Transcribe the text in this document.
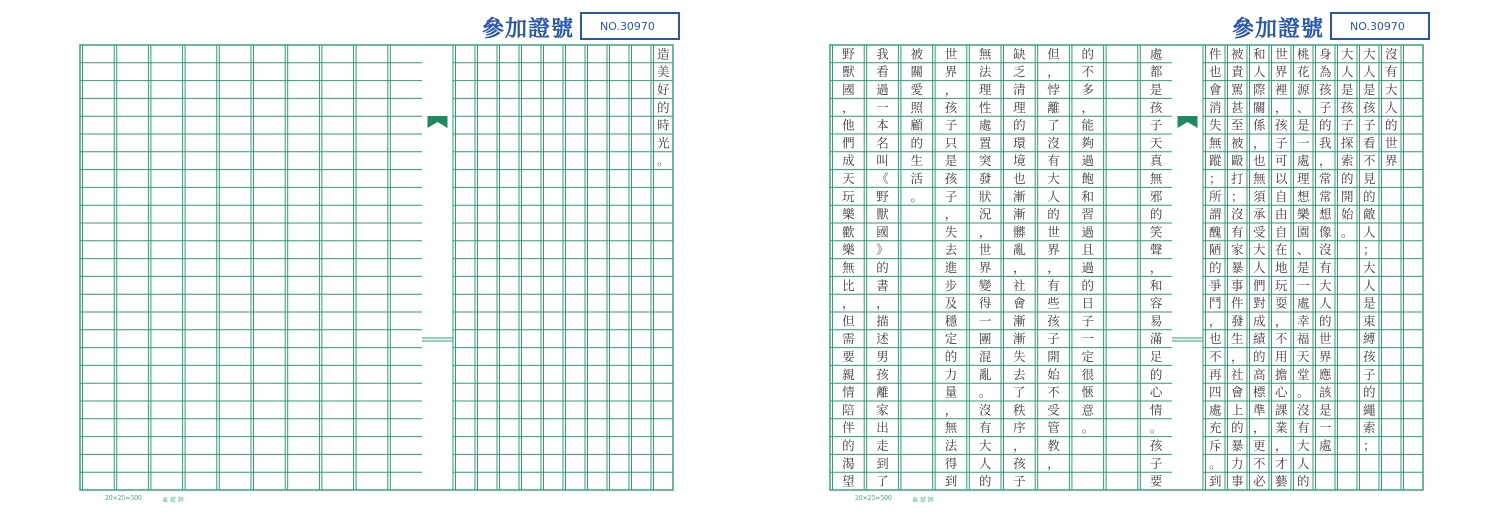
參加證號	NO.30970
造
美
好
的
時
光
。
20×25=500	東 璟 牌
參加證號	NO.30970
沒
有
大
人
的
世
界
大
人
是
孩
子
看
不
見
的
敵
人
；
大
人
是
束
縛
孩
子
的
繩
索
；
大
人
是
孩
子
探
索
的
開
始
。
身
為
孩
子
的
我
，
常
常
想
像
沒
有
大
人
的
世
界
應
該
是
一
處
桃
花
源
、
是
一
處
理
想
樂
園
、
是
一
處
幸
福
天
堂
。
沒
有
大
人
的
世
界
裡
，
孩
子
可
以
自
由
自
在
地
玩
耍
，
不
用
擔
心
課
業
，
才
藝
和
人
際
關
係
，
也
無
須
承
受
大
人
們
對
成
績
的
高
標
準
，
更
不
必
被
責
罵
甚
至
被
毆
打
；
沒
有
家
暴
事
件
發
生
，
社
會
上
的
暴
力
事
件
也
會
消
失
無
蹤
；
所
謂
醜
陋
的
爭
鬥
，
也
不
再
四
處
充
斥
。
到
處
都
是
孩
子
天
真
無
邪
的
笑
聲
，
和
容
易
滿
足
的
心
情
。
孩
子
要
的
不
多
，
能
夠
過
飽
和
習
過
且
過
的
日
子
一
定
很
愜
意
。
但
，
悖
離
了
沒
有
大
人
的
世
界
，
有
些
孩
子
開
始
不
受
管
教
，
缺
乏
清
理
的
環
境
也
漸
漸
髒
亂
，
社
會
漸
漸
失
去
了
秩
序
，
孩
子
無
法
理
性
處
置
突
發
狀
況
，
世
界
變
得
一
團
混
亂
。
沒
有
大
人
的
世
界
，
孩
子
只
是
孩
子
，
失
去
進
步
及
穩
定
的
力
量
，
無
法
得
到
被
關
愛
照
顧
的
生
活
。
我
看
過
一
本
名
叫
《
野
獸
國
》
的
書
，
描
述
男
孩
離
家
出
走
到
了
野
獸
國
，
他
們
成
天
玩
樂
歡
樂
無
比
，
但
需
要
親
情
陪
伴
的
渴
望
20×25=500	東 璟 牌
